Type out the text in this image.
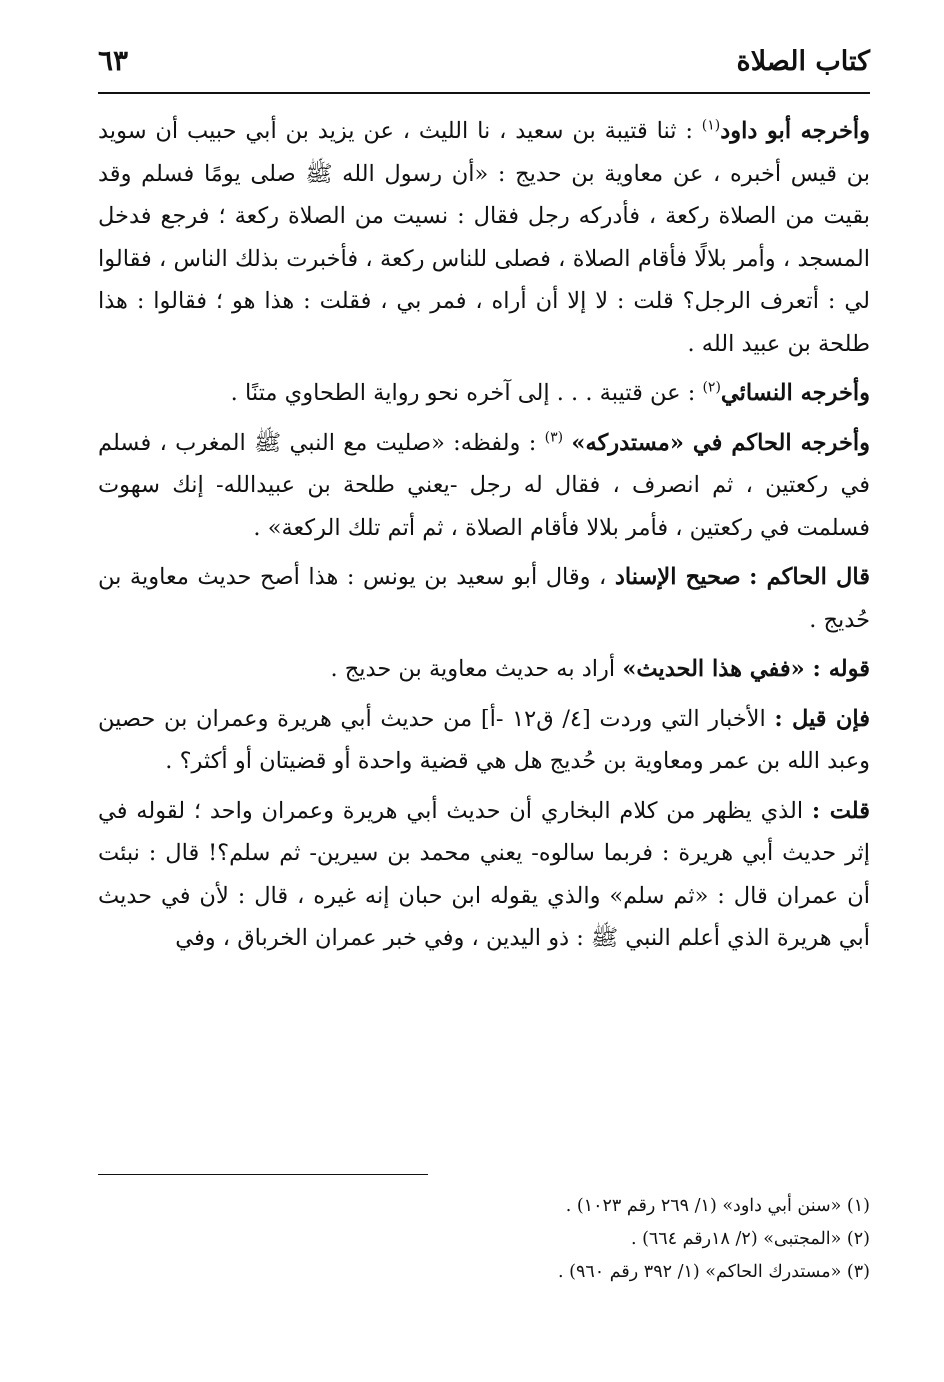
كتاب الصلاة
٦٣

وأخرجه أبو داود$^{(١)}$ : ثنا قتيبة بن سعيد ، نا الليث ، عن يزيد بن أبي حبيب أن سويد بن قيس أخبره ، عن معاوية بن حديج : «أن رسول الله ﷺ صلى يومًا فسلم وقد بقيت من الصلاة ركعة ، فأدركه رجل فقال : نسيت من الصلاة ركعة ؛ فرجع فدخل المسجد ، وأمر بلالًا فأقام الصلاة ، فصلى للناس ركعة ، فأخبرت بذلك الناس ، فقالوا لي : أتعرف الرجل؟ قلت : لا إلا أن أراه ، فمر بي ، فقلت : هذا هو ؛ فقالوا : هذا طلحة بن عبيد الله .

وأخرجه النسائي$^{(٢)}$ : عن قتيبة . . . إلى آخره نحو رواية الطحاوي متنًا .

وأخرجه الحاكم في «مستدركه» $^{(٣)}$ : ولفظه: «صليت مع النبي ﷺ المغرب ، فسلم في ركعتين ، ثم انصرف ، فقال له رجل -يعني طلحة بن عبيدالله- إنك سهوت فسلمت في ركعتين ، فأمر بلالا فأقام الصلاة ، ثم أتم تلك الركعة» .

قال الحاكم : صحيح الإسناد ، وقال أبو سعيد بن يونس : هذا أصح حديث معاوية بن حُديج .

قوله : «ففي هذا الحديث» أراد به حديث معاوية بن حديج .

فإن قيل : الأخبار التي وردت [٤/ ق١٢ -أ] من حديث أبي هريرة وعمران بن حصين وعبد الله بن عمر ومعاوية بن حُديج هل هي قضية واحدة أو قضيتان أو أكثر؟ .

قلت : الذي يظهر من كلام البخاري أن حديث أبي هريرة وعمران واحد ؛ لقوله في إثر حديث أبي هريرة : فربما سالوه- يعني محمد بن سيرين- ثم سلم؟! قال : نبئت أن عمران قال : «ثم سلم» والذي يقوله ابن حبان إنه غيره ، قال : لأن في حديث أبي هريرة الذي أعلم النبي ﷺ : ذو اليدين ، وفي خبر عمران الخرباق ، وفي

(١) «سنن أبي داود» (١/ ٢٦٩ رقم ١٠٢٣) .
(٢) «المجتبى» (٢/ ١٨رقم ٦٦٤) .
(٣) «مستدرك الحاكم» (١/ ٣٩٢ رقم ٩٦٠) .
